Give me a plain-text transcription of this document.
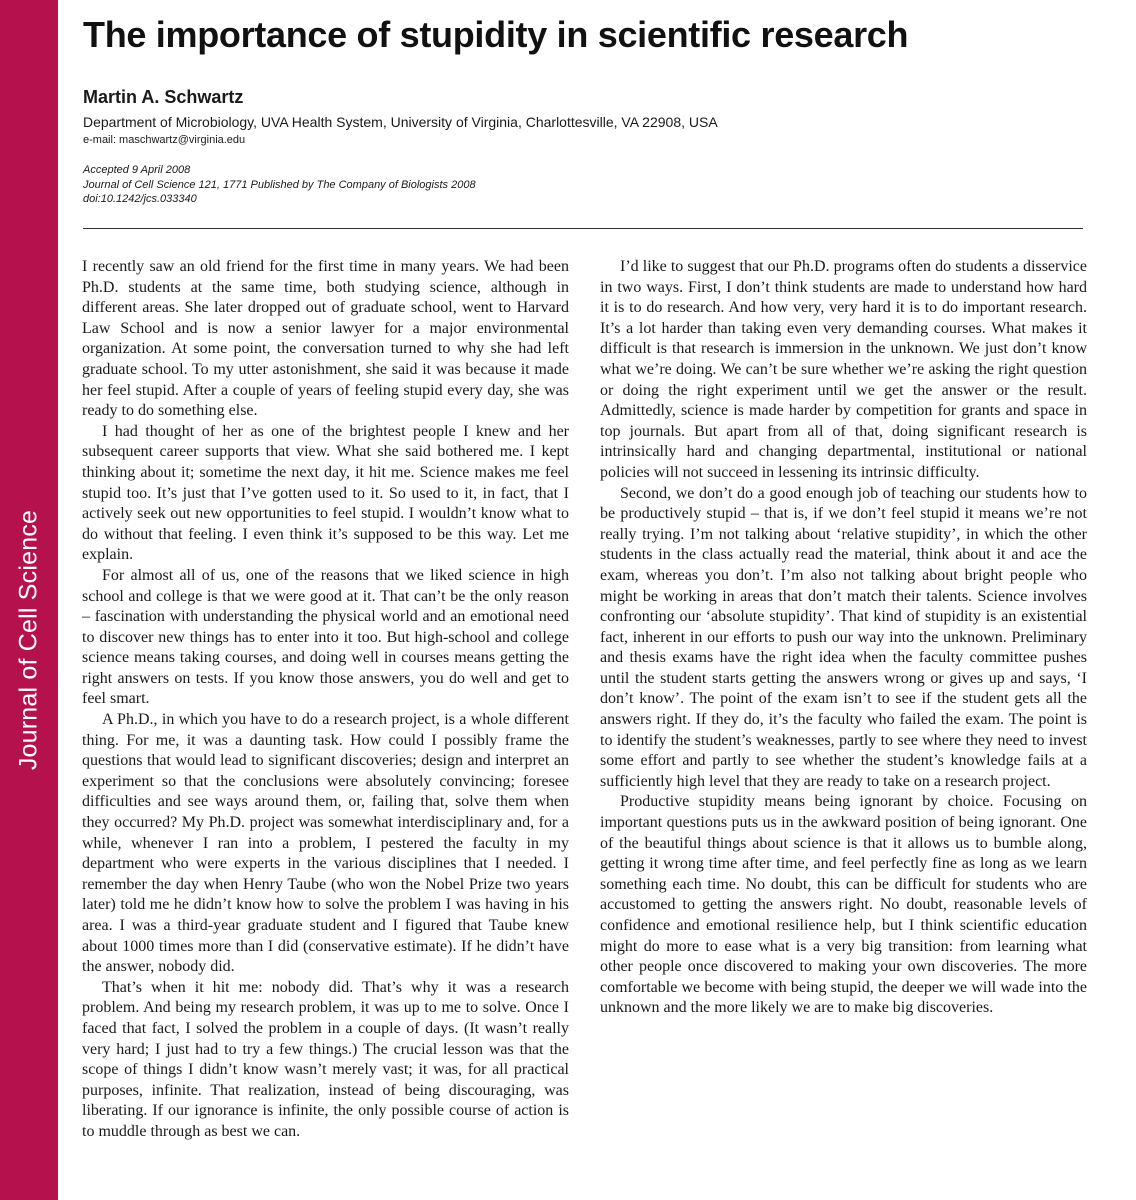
Journal of Cell Science
The importance of stupidity in scientific research
Martin A. Schwartz
Department of Microbiology, UVA Health System, University of Virginia, Charlottesville, VA 22908, USA
e-mail: maschwartz@virginia.edu
Accepted 9 April 2008
Journal of Cell Science 121, 1771 Published by The Company of Biologists 2008
doi:10.1242/jcs.033340

I recently saw an old friend for the first time in many years. We had been Ph.D. students at the same time, both studying science, although in different areas. She later dropped out of graduate school, went to Harvard Law School and is now a senior lawyer for a major environmental organization. At some point, the conversation turned to why she had left graduate school. To my utter astonishment, she said it was because it made her feel stupid. After a couple of years of feeling stupid every day, she was ready to do something else.

I had thought of her as one of the brightest people I knew and her subsequent career supports that view. What she said bothered me. I kept thinking about it; sometime the next day, it hit me. Science makes me feel stupid too. It’s just that I’ve gotten used to it. So used to it, in fact, that I actively seek out new opportunities to feel stupid. I wouldn’t know what to do without that feeling. I even think it’s supposed to be this way. Let me explain.

For almost all of us, one of the reasons that we liked science in high school and college is that we were good at it. That can’t be the only reason – fascination with understanding the physical world and an emotional need to discover new things has to enter into it too. But high-school and college science means taking courses, and doing well in courses means getting the right answers on tests. If you know those answers, you do well and get to feel smart.

A Ph.D., in which you have to do a research project, is a whole different thing. For me, it was a daunting task. How could I possibly frame the questions that would lead to significant discoveries; design and interpret an experiment so that the conclusions were absolutely convincing; foresee difficulties and see ways around them, or, failing that, solve them when they occurred? My Ph.D. project was somewhat interdisciplinary and, for a while, whenever I ran into a problem, I pestered the faculty in my department who were experts in the various disciplines that I needed. I remember the day when Henry Taube (who won the Nobel Prize two years later) told me he didn’t know how to solve the problem I was having in his area. I was a third-year graduate student and I figured that Taube knew about 1000 times more than I did (conservative estimate). If he didn’t have the answer, nobody did.

That’s when it hit me: nobody did. That’s why it was a research problem. And being my research problem, it was up to me to solve. Once I faced that fact, I solved the problem in a couple of days. (It wasn’t really very hard; I just had to try a few things.) The crucial lesson was that the scope of things I didn’t know wasn’t merely vast; it was, for all practical purposes, infinite. That realization, instead of being discouraging, was liberating. If our ignorance is infinite, the only possible course of action is to muddle through as best we can.

I’d like to suggest that our Ph.D. programs often do students a disservice in two ways. First, I don’t think students are made to understand how hard it is to do research. And how very, very hard it is to do important research. It’s a lot harder than taking even very demanding courses. What makes it difficult is that research is immersion in the unknown. We just don’t know what we’re doing. We can’t be sure whether we’re asking the right question or doing the right experiment until we get the answer or the result. Admittedly, science is made harder by competition for grants and space in top journals. But apart from all of that, doing significant research is intrinsically hard and changing departmental, institutional or national policies will not succeed in lessening its intrinsic difficulty.

Second, we don’t do a good enough job of teaching our students how to be productively stupid – that is, if we don’t feel stupid it means we’re not really trying. I’m not talking about ‘relative stupidity’, in which the other students in the class actually read the material, think about it and ace the exam, whereas you don’t. I’m also not talking about bright people who might be working in areas that don’t match their talents. Science involves confronting our ‘absolute stupidity’. That kind of stupidity is an existential fact, inherent in our efforts to push our way into the unknown. Preliminary and thesis exams have the right idea when the faculty committee pushes until the student starts getting the answers wrong or gives up and says, ‘I don’t know’. The point of the exam isn’t to see if the student gets all the answers right. If they do, it’s the faculty who failed the exam. The point is to identify the student’s weaknesses, partly to see where they need to invest some effort and partly to see whether the student’s knowledge fails at a sufficiently high level that they are ready to take on a research project.

Productive stupidity means being ignorant by choice. Focusing on important questions puts us in the awkward position of being ignorant. One of the beautiful things about science is that it allows us to bumble along, getting it wrong time after time, and feel perfectly fine as long as we learn something each time. No doubt, this can be difficult for students who are accustomed to getting the answers right. No doubt, reasonable levels of confidence and emotional resilience help, but I think scientific education might do more to ease what is a very big transition: from learning what other people once discovered to making your own discoveries. The more comfortable we become with being stupid, the deeper we will wade into the unknown and the more likely we are to make big discoveries.
